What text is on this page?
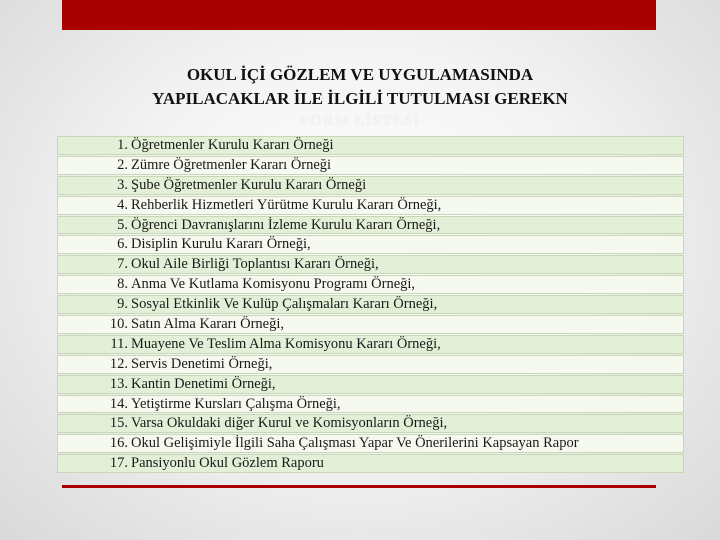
OKUL İÇİ GÖZLEM VE UYGULAMASINDA
YAPILACAKLAR İLE İLGİLİ TUTULMASI GEREKN
FORM LİSTESİ
1. Öğretmenler Kurulu Kararı Örneği
2. Zümre Öğretmenler Kararı Örneği
3. Şube Öğretmenler Kurulu Kararı Örneği
4. Rehberlik Hizmetleri Yürütme Kurulu Kararı Örneği,
5. Öğrenci Davranışlarını İzleme Kurulu Kararı Örneği,
6. Disiplin Kurulu Kararı Örneği,
7. Okul Aile Birliği Toplantısı Kararı Örneği,
8. Anma Ve Kutlama Komisyonu Programı Örneği,
9. Sosyal Etkinlik Ve Kulüp Çalışmaları Kararı Örneği,
10. Satın Alma Kararı Örneği,
11. Muayene Ve Teslim Alma Komisyonu Kararı Örneği,
12. Servis Denetimi Örneği,
13. Kantin Denetimi Örneği,
14. Yetiştirme Kursları Çalışma Örneği,
15. Varsa Okuldaki diğer Kurul ve Komisyonların Örneği,
16. Okul Gelişimiyle İlgili Saha Çalışması Yapar Ve Önerilerini Kapsayan Rapor
17. Pansiyonlu Okul Gözlem Raporu
